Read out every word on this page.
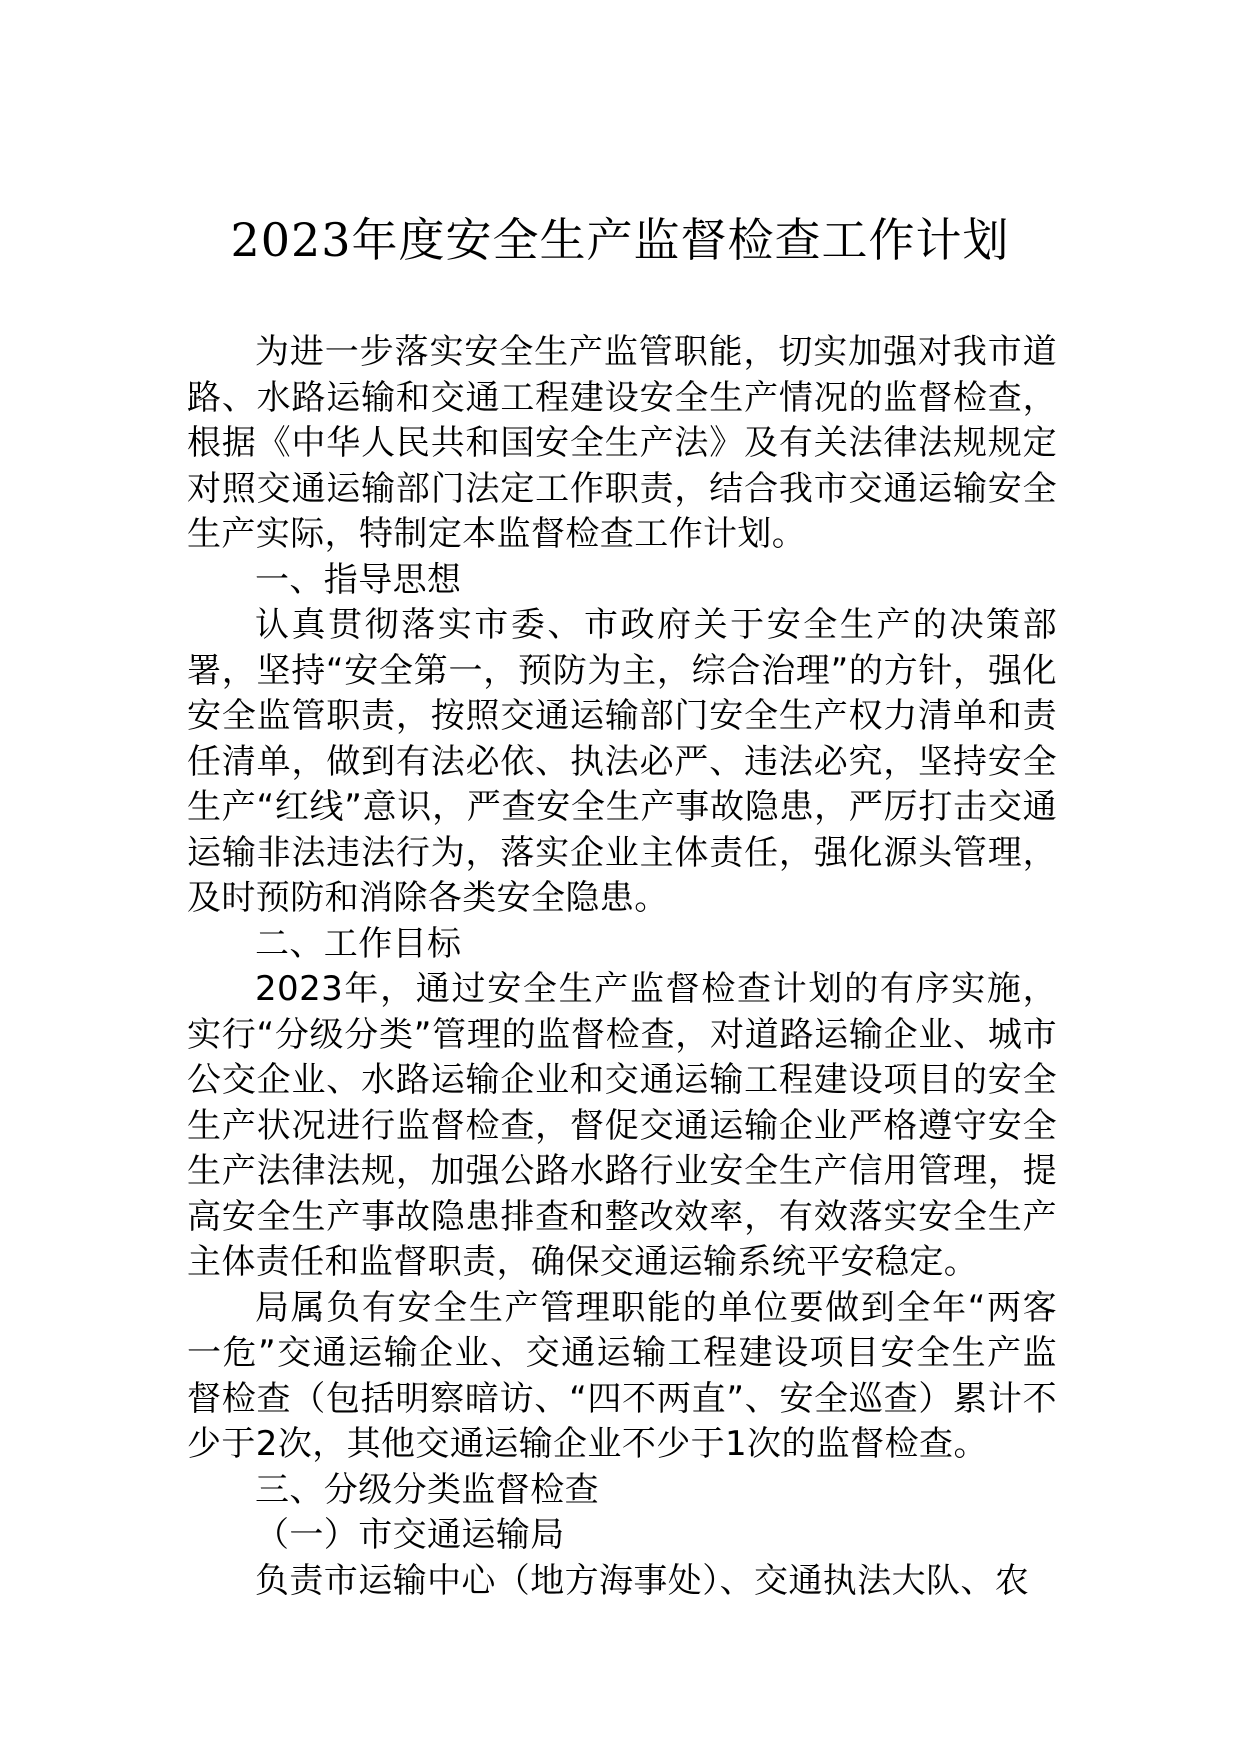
2023年度安全生产监督检查工作计划

为进一步落实安全生产监管职能，切实加强对我市道路、水路运输和交通工程建设安全生产情况的监督检查，根据《中华人民共和国安全生产法》及有关法律法规规定对照交通运输部门法定工作职责，结合我市交通运输安全生产实际，特制定本监督检查工作计划。

一、指导思想

认真贯彻落实市委、市政府关于安全生产的决策部署，坚持“安全第一，预防为主，综合治理”的方针，强化安全监管职责，按照交通运输部门安全生产权力清单和责任清单，做到有法必依、执法必严、违法必究，坚持安全生产“红线”意识，严查安全生产事故隐患，严厉打击交通运输非法违法行为，落实企业主体责任，强化源头管理，及时预防和消除各类安全隐患。

二、工作目标

2023年，通过安全生产监督检查计划的有序实施，实行“分级分类”管理的监督检查，对道路运输企业、城市公交企业、水路运输企业和交通运输工程建设项目的安全生产状况进行监督检查，督促交通运输企业严格遵守安全生产法律法规，加强公路水路行业安全生产信用管理，提高安全生产事故隐患排查和整改效率，有效落实安全生产主体责任和监督职责，确保交通运输系统平安稳定。

局属负有安全生产管理职能的单位要做到全年“两客一危”交通运输企业、交通运输工程建设项目安全生产监督检查（包括明察暗访、“四不两直”、安全巡查）累计不少于2次，其他交通运输企业不少于1次的监督检查。

三、分级分类监督检查

（一）市交通运输局

负责市运输中心（地方海事处）、交通执法大队、农
